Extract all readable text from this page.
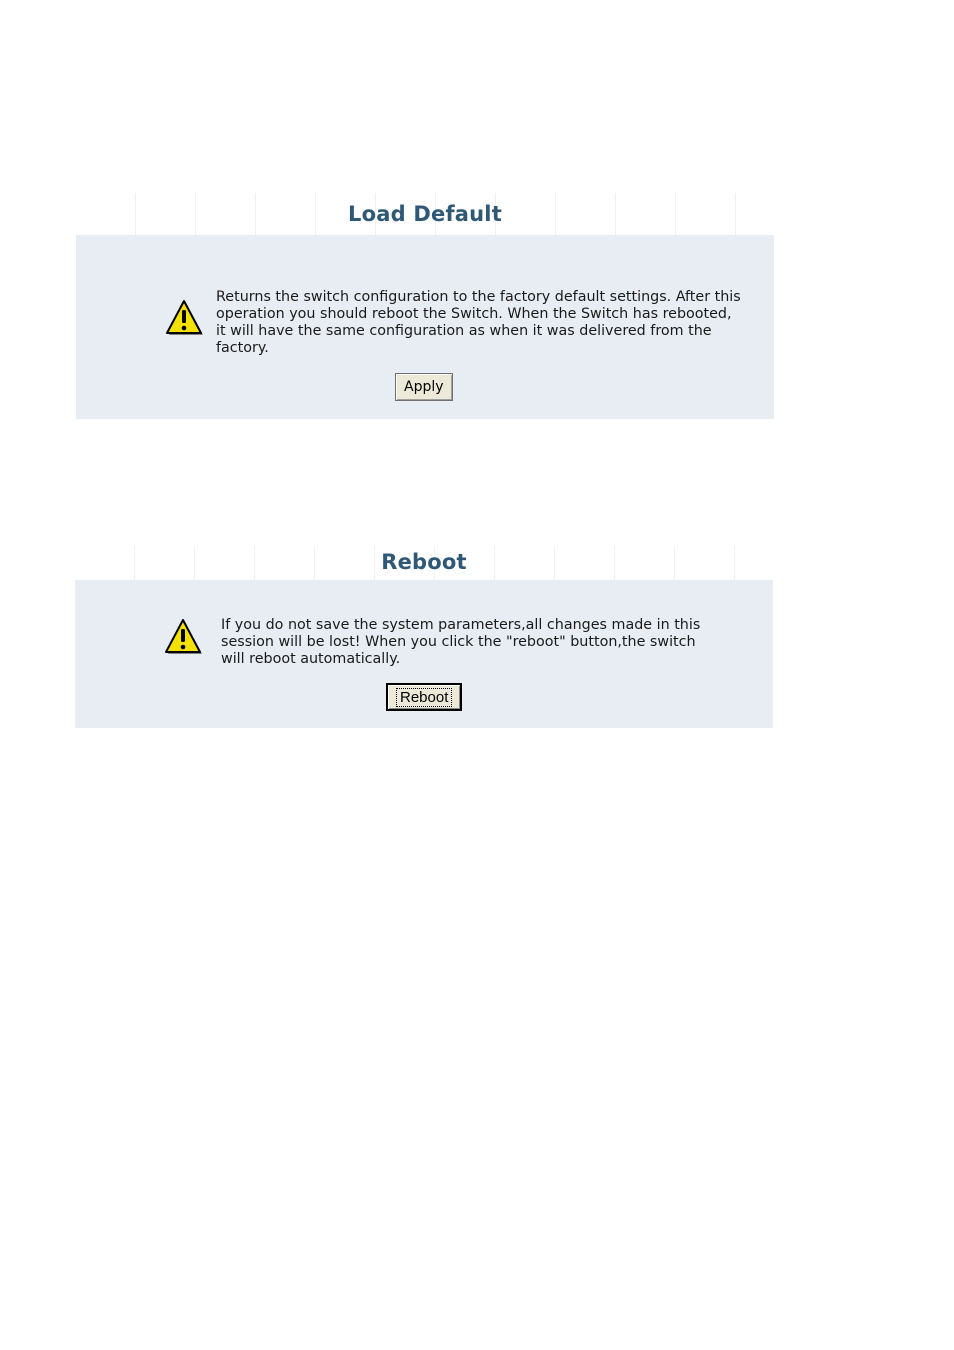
Load Default
Returns the switch configuration to the factory default settings. After this
operation you should reboot the Switch. When the Switch has rebooted,
it will have the same configuration as when it was delivered from the
factory.
Apply
Reboot
If you do not save the system parameters,all changes made in this
session will be lost! When you click the "reboot" button,the switch
will reboot automatically.
Reboot
